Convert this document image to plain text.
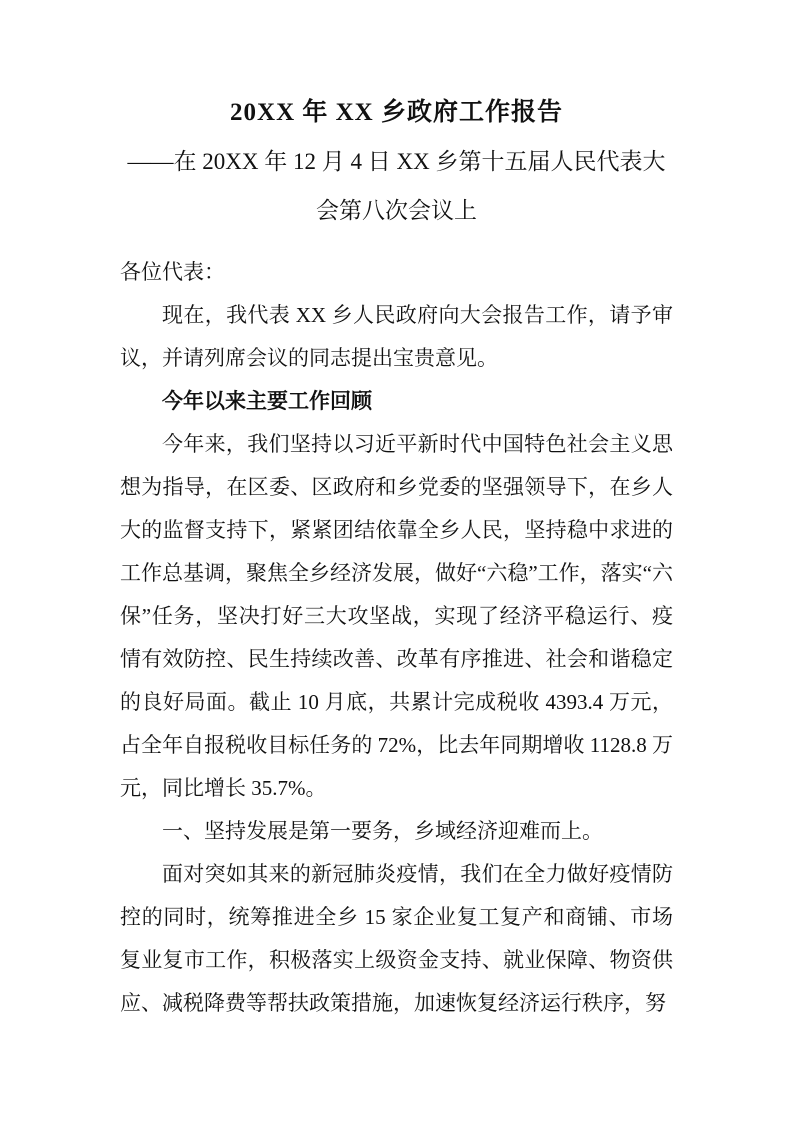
20XX 年 XX 乡政府工作报告
——在 20XX 年 12 月 4 日 XX 乡第十五届人民代表大会第八次会议上

各位代表：

现在，我代表 XX 乡人民政府向大会报告工作，请予审议，并请列席会议的同志提出宝贵意见。

今年以来主要工作回顾

今年来，我们坚持以习近平新时代中国特色社会主义思想为指导，在区委、区政府和乡党委的坚强领导下，在乡人大的监督支持下，紧紧团结依靠全乡人民，坚持稳中求进的工作总基调，聚焦全乡经济发展，做好“六稳”工作，落实“六保”任务，坚决打好三大攻坚战，实现了经济平稳运行、疫情有效防控、民生持续改善、改革有序推进、社会和谐稳定的良好局面。截止 10 月底，共累计完成税收 4393.4 万元，占全年自报税收目标任务的 72%，比去年同期增收 1128.8 万元，同比增长 35.7%。

一、坚持发展是第一要务，乡域经济迎难而上。

面对突如其来的新冠肺炎疫情，我们在全力做好疫情防控的同时，统筹推进全乡 15 家企业复工复产和商铺、市场复业复市工作，积极落实上级资金支持、就业保障、物资供应、减税降费等帮扶政策措施，加速恢复经济运行秩序，努
